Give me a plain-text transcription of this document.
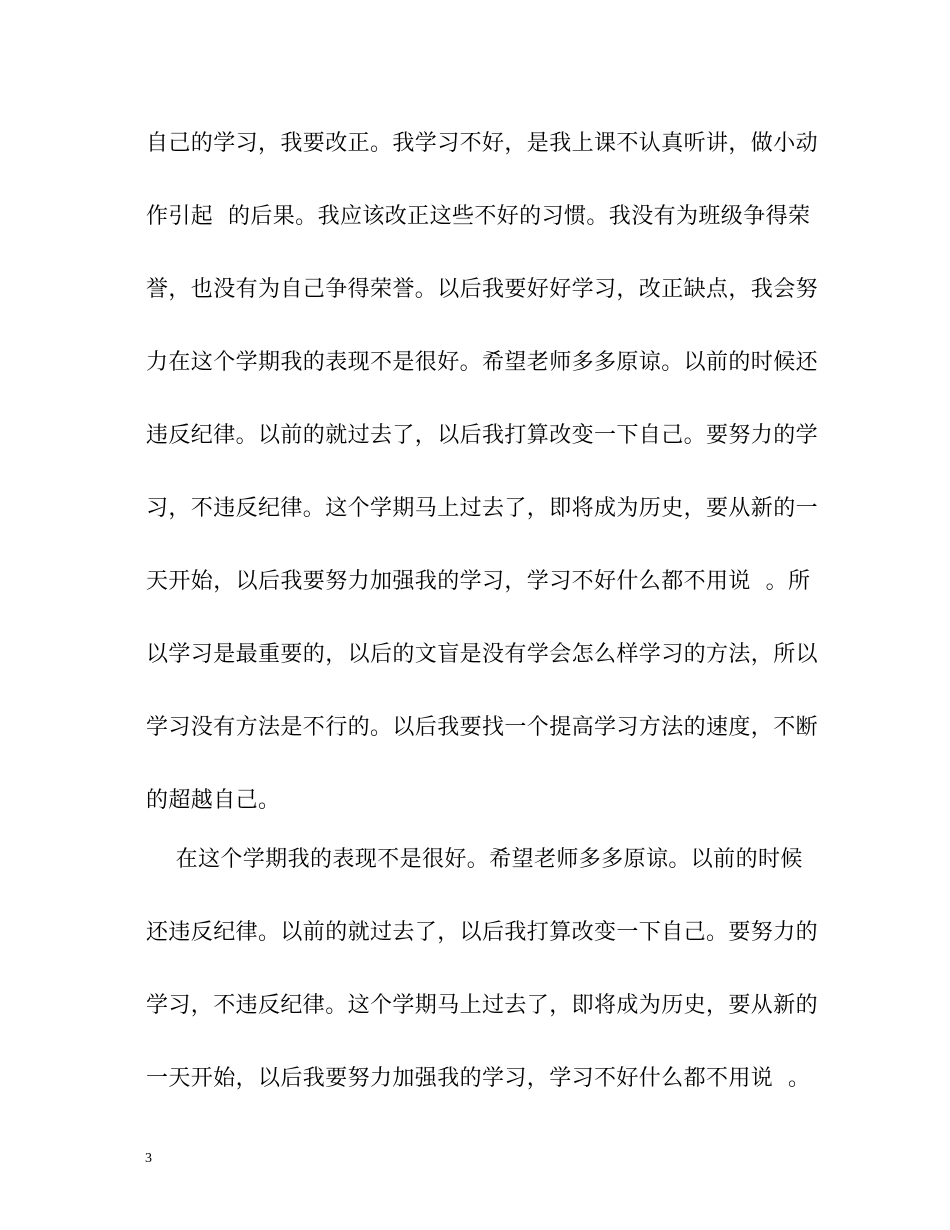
自己的学习，我要改正。我学习不好，是我上课不认真听讲，做小动
作引起  的后果。我应该改正这些不好的习惯。我没有为班级争得荣
誉，也没有为自己争得荣誉。以后我要好好学习，改正缺点，我会努
力在这个学期我的表现不是很好。希望老师多多原谅。以前的时候还
违反纪律。以前的就过去了，以后我打算改变一下自己。要努力的学
习，不违反纪律。这个学期马上过去了，即将成为历史，要从新的一
天开始，以后我要努力加强我的学习，学习不好什么都不用说  。所
以学习是最重要的，以后的文盲是没有学会怎么样学习的方法，所以
学习没有方法是不行的。以后我要找一个提高学习方法的速度，不断
的超越自己。
在这个学期我的表现不是很好。希望老师多多原谅。以前的时候
还违反纪律。以前的就过去了，以后我打算改变一下自己。要努力的
学习，不违反纪律。这个学期马上过去了，即将成为历史，要从新的
一天开始，以后我要努力加强我的学习，学习不好什么都不用说  。
3
